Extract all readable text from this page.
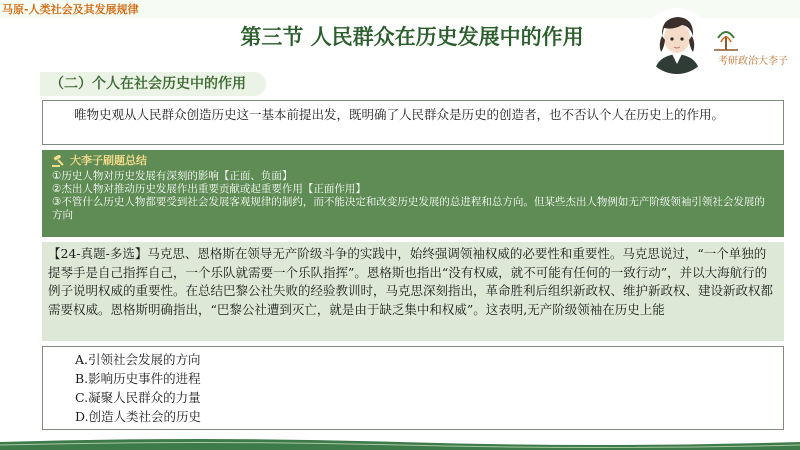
马原-人类社会及其发展规律
第三节 人民群众在历史发展中的作用
（二）个人在社会历史中的作用
考研政治大李子
唯物史观从人民群众创造历史这一基本前提出发，既明确了人民群众是历史的创造者，也不否认个人在历史上的作用。
大李子刷题总结
①历史人物对历史发展有深刻的影响【正面、负面】
②杰出人物对推动历史发展作出重要贡献或起重要作用【正面作用】
③不管什么历史人物都要受到社会发展客观规律的制约，而不能决定和改变历史发展的总进程和总方向。但某些杰出人物例如无产阶级领袖引领社会发展的方向
【24-真题-多选】马克思、恩格斯在领导无产阶级斗争的实践中，始终强调领袖权威的必要性和重要性。马克思说过，“一个单独的提琴手是自己指挥自己，一个乐队就需要一个乐队指挥”。恩格斯也指出“没有权威，就不可能有任何的一致行动”，并以大海航行的例子说明权威的重要性。在总结巴黎公社失败的经验教训时，马克思深刻指出，革命胜利后组织新政权、维护新政权、建设新政权都需要权威。恩格斯明确指出，“巴黎公社遭到灭亡，就是由于缺乏集中和权威”。这表明,无产阶级领袖在历史上能
A.引领社会发展的方向
B.影响历史事件的进程
C.凝聚人民群众的力量
D.创造人类社会的历史
